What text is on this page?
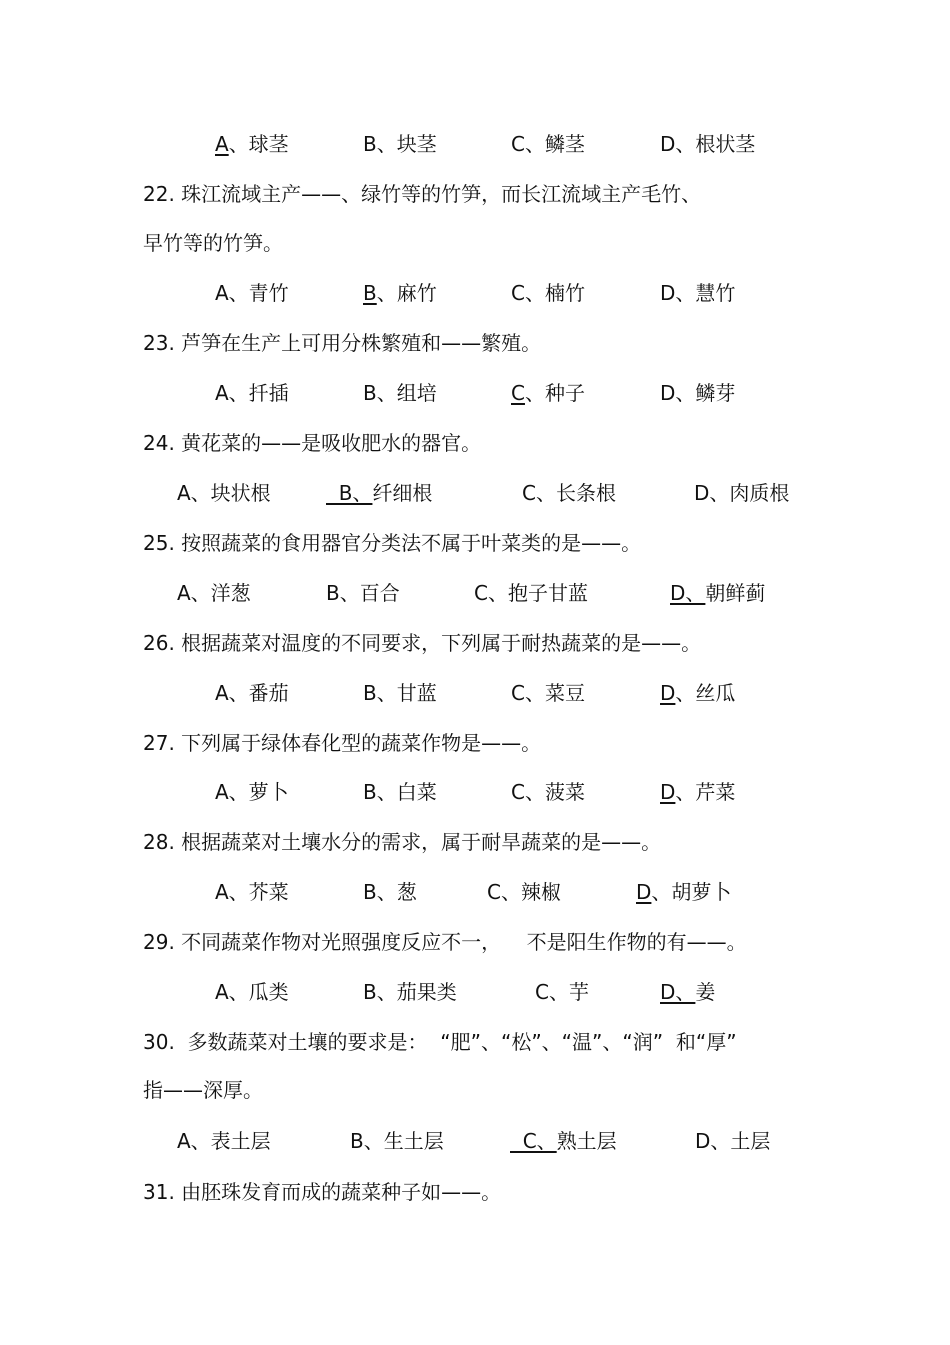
A、球茎	B、块茎	C、鳞茎	D、根状茎
22. 珠江流域主产——、绿竹等的竹笋，而长江流域主产毛竹、
早竹等的竹笋。
A、青竹	B、麻竹	C、楠竹	D、慧竹
23. 芦笋在生产上可用分株繁殖和——繁殖。
A、扦插	B、组培	C、种子	D、鳞芽
24. 黄花菜的——是吸收肥水的器官。
A、块状根	B、纤细根	C、长条根	D、肉质根
25. 按照蔬菜的食用器官分类法不属于叶菜类的是——。
A、洋葱	B、百合	C、抱子甘蓝	D、朝鲜蓟
26. 根据蔬菜对温度的不同要求，下列属于耐热蔬菜的是——。
A、番茄	B、甘蓝	C、菜豆	D、丝瓜
27. 下列属于绿体春化型的蔬菜作物是——。
A、萝卜	B、白菜	C、菠菜	D、芹菜
28. 根据蔬菜对土壤水分的需求，属于耐旱蔬菜的是——。
A、芥菜	B、葱	C、辣椒	D、胡萝卜
29. 不同蔬菜作物对光照强度反应不一，    不是阳生作物的有——。
A、瓜类	B、茄果类	C、芋	D、姜
30.  多数蔬菜对土壤的要求是：  “肥”、“松”、“温”、“润”  和“厚”
指——深厚。
A、表土层	B、生土层	C、熟土层	D、土层
31. 由胚珠发育而成的蔬菜种子如——。
